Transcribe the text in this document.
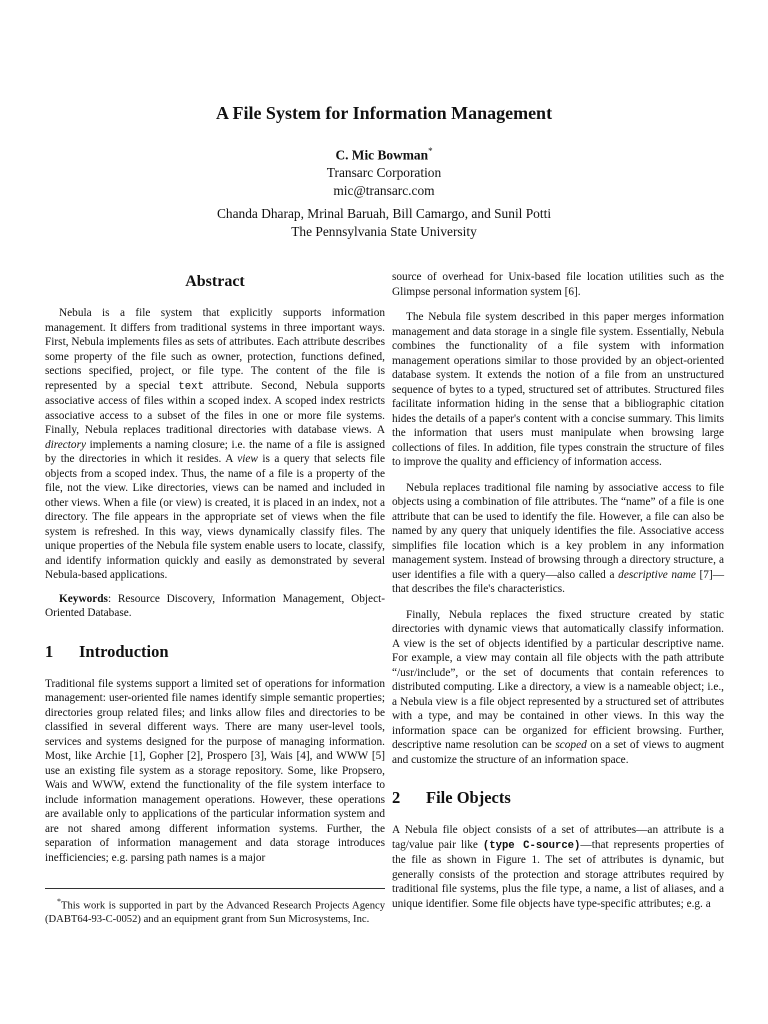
A File System for Information Management
C. Mic Bowman*
Transarc Corporation
mic@transarc.com
Chanda Dharap, Mrinal Baruah, Bill Camargo, and Sunil Potti
The Pennsylvania State University
Abstract

Nebula is a file system that explicitly supports information management. It differs from traditional systems in three important ways. First, Nebula implements files as sets of attributes. Each attribute describes some property of the file such as owner, protection, functions defined, sections specified, project, or file type. The content of the file is represented by a special text attribute. Second, Nebula supports associative access of files within a scoped index. A scoped index restricts associative access to a subset of the files in one or more file systems. Finally, Nebula replaces traditional directories with database views. A directory implements a naming closure; i.e. the name of a file is assigned by the directories in which it resides. A view is a query that selects file objects from a scoped index. Thus, the name of a file is a property of the file, not the view. Like directories, views can be named and included in other views. When a file (or view) is created, it is placed in an index, not a directory. The file appears in the appropriate set of views when the file system is refreshed. In this way, views dynamically classify files. The unique properties of the Nebula file system enable users to locate, classify, and identify information quickly and easily as demonstrated by several Nebula-based applications.

Keywords: Resource Discovery, Information Management, Object-Oriented Database.

1 Introduction

Traditional file systems support a limited set of operations for information management: user-oriented file names identify simple semantic properties; directories group related files; and links allow files and directories to be classified in several different ways. There are many user-level tools, services and systems designed for the purpose of managing information. Most, like Archie [1], Gopher [2], Prospero [3], Wais [4], and WWW [5] use an existing file system as a storage repository. Some, like Propsero, Wais and WWW, extend the functionality of the file system interface to include information management operations. However, these operations are available only to applications of the particular information system and are not shared among different information systems. Further, the separation of information management and data storage introduces inefficiencies; e.g. parsing path names is a major

*This work is supported in part by the Advanced Research Projects Agency (DABT64-93-C-0052) and an equipment grant from Sun Microsystems, Inc.

source of overhead for Unix-based file location utilities such as the Glimpse personal information system [6].

The Nebula file system described in this paper merges information management and data storage in a single file system. Essentially, Nebula combines the functionality of a file system with information management operations similar to those provided by an object-oriented database system. It extends the notion of a file from an unstructured sequence of bytes to a typed, structured set of attributes. Structured files facilitate information hiding in the sense that a bibliographic citation hides the details of a paper's content with a concise summary. This limits the information that users must manipulate when browsing large collections of files. In addition, file types constrain the structure of files to improve the quality and efficiency of information access.

Nebula replaces traditional file naming by associative access to file objects using a combination of file attributes. The “name” of a file is one attribute that can be used to identify the file. However, a file can also be named by any query that uniquely identifies the file. Associative access simplifies file location which is a key problem in any information management system. Instead of browsing through a directory structure, a user identifies a file with a query—also called a descriptive name [7]—that describes the file's characteristics.

Finally, Nebula replaces the fixed structure created by static directories with dynamic views that automatically classify information. A view is the set of objects identified by a particular descriptive name. For example, a view may contain all file objects with the path attribute “/usr/include”, or the set of documents that contain references to distributed computing. Like a directory, a view is a nameable object; i.e., a Nebula view is a file object represented by a structured set of attributes with a type, and may be contained in other views. In this way the information space can be organized for efficient browsing. Further, descriptive name resolution can be scoped on a set of views to augment and customize the structure of an information space.

2 File Objects

A Nebula file object consists of a set of attributes—an attribute is a tag/value pair like (type C-source)—that represents properties of the file as shown in Figure 1. The set of attributes is dynamic, but generally consists of the protection and storage attributes required by traditional file systems, plus the file type, a name, a list of aliases, and a unique identifier. Some file objects have type-specific attributes; e.g. a
